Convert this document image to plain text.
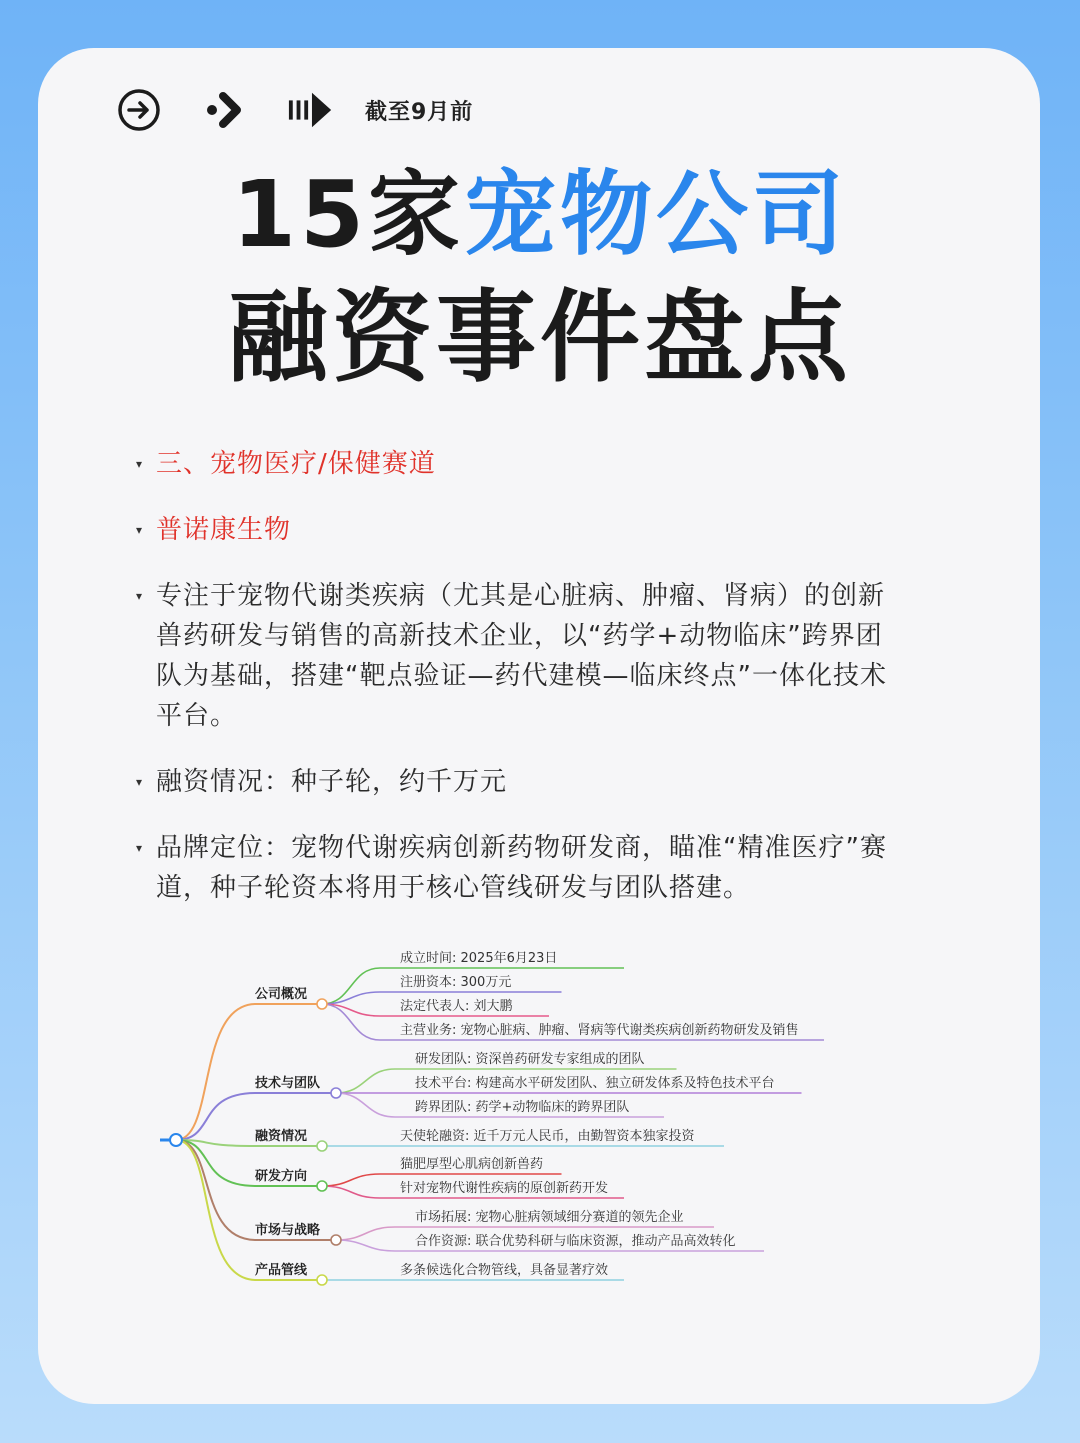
截至9月前
15家宠物公司
融资事件盘点
▾ 三、宠物医疗/保健赛道
▾ 普诺康生物
▾ 专注于宠物代谢类疾病（尤其是心脏病、肿瘤、肾病）的创新兽药研发与销售的高新技术企业，以“药学+动物临床”跨界团队为基础，搭建“靶点验证—药代建模—临床终点”一体化技术平台。
▾ 融资情况：种子轮，约千万元
▾ 品牌定位：宠物代谢疾病创新药物研发商，瞄准“精准医疗”赛道，种子轮资本将用于核心管线研发与团队搭建。
公司概况
成立时间: 2025年6月23日
注册资本: 300万元
法定代表人: 刘大鹏
主营业务: 宠物心脏病、肿瘤、肾病等代谢类疾病创新药物研发及销售
技术与团队
研发团队: 资深兽药研发专家组成的团队
技术平台: 构建高水平研发团队、独立研发体系及特色技术平台
跨界团队: 药学+动物临床的跨界团队
融资情况	天使轮融资: 近千万元人民币，由勤智资本独家投资
研发方向
猫肥厚型心肌病创新兽药
针对宠物代谢性疾病的原创新药开发
市场与战略
市场拓展: 宠物心脏病领域细分赛道的领先企业
合作资源: 联合优势科研与临床资源，推动产品高效转化
产品管线	多条候选化合物管线，具备显著疗效
